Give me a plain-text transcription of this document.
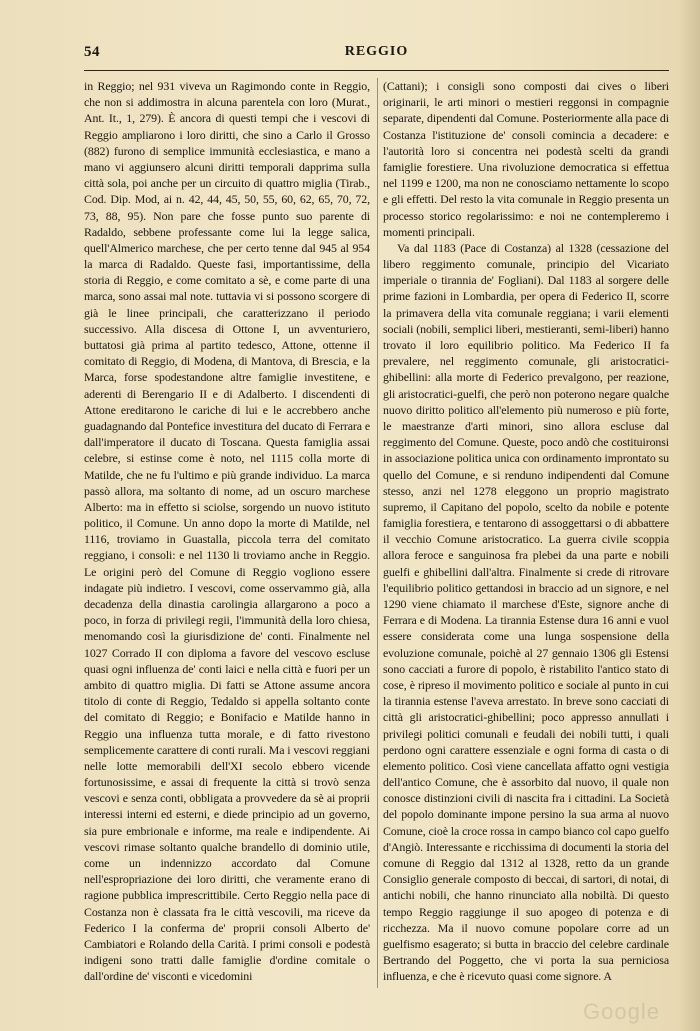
54	REGGIO

in Reggio; nel 931 viveva un Ragimondo conte in Reggio, che non si addimostra in alcuna parentela con loro (Murat., Ant. It., 1, 279). È ancora di questi tempi che i vescovi di Reggio ampliarono i loro diritti, che sino a Carlo il Grosso (882) furono di semplice immunità ecclesiastica, e mano a mano vi aggiunsero alcuni diritti temporali dapprima sulla città sola, poi anche per un circuito di quattro miglia (Tirab., Cod. Dip. Mod, ai n. 42, 44, 45, 50, 55, 60, 62, 65, 70, 72, 73, 88, 95). Non pare che fosse punto suo parente di Radaldo, sebbene professante come lui la legge salica, quell'Almerico marchese, che per certo tenne dal 945 al 954 la marca di Radaldo. Queste fasi, importantissime, della storia di Reggio, e come comitato a sè, e come parte di una marca, sono assai mal note. tuttavia vi si possono scorgere di già le linee principali, che caratterizzano il periodo successivo. Alla discesa di Ottone I, un avventuriero, buttatosi già prima al partito tedesco, Attone, ottenne il comitato di Reggio, di Modena, di Mantova, di Brescia, e la Marca, forse spodestandone altre famiglie investitene, e aderenti di Berengario II e di Adalberto. I discendenti di Attone ereditarono le cariche di lui e le accrebbero anche guadagnando dal Pontefice investitura del ducato di Ferrara e dall'imperatore il ducato di Toscana. Questa famiglia assai celebre, si estinse come è noto, nel 1115 colla morte di Matilde, che ne fu l'ultimo e più grande individuo. La marca passò allora, ma soltanto di nome, ad un oscuro marchese Alberto: ma in effetto si sciolse, sorgendo un nuovo istituto politico, il Comune. Un anno dopo la morte di Matilde, nel 1116, troviamo in Guastalla, piccola terra del comitato reggiano, i consoli: e nel 1130 li troviamo anche in Reggio. Le origini però del Comune di Reggio vogliono essere indagate più indietro. I vescovi, come osservammo già, alla decadenza della dinastia carolingia allargarono a poco a poco, in forza di privilegi regii, l'immunità della loro chiesa, menomando così la giurisdizione de' conti. Finalmente nel 1027 Corrado II con diploma a favore del vescovo escluse quasi ogni influenza de' conti laici e nella città e fuori per un ambito di quattro miglia. Di fatti se Attone assume ancora titolo di conte di Reggio, Tedaldo si appella soltanto conte del comitato di Reggio; e Bonifacio e Matilde hanno in Reggio una influenza tutta morale, e di fatto rivestono semplicemente carattere di conti rurali. Ma i vescovi reggiani nelle lotte memorabili dell'XI secolo ebbero vicende fortunosissime, e assai di frequente la città si trovò senza vescovi e senza conti, obbligata a provvedere da sè ai proprii interessi interni ed esterni, e diede principio ad un governo, sia pure embrionale e informe, ma reale e indipendente. Ai vescovi rimase soltanto qualche brandello di dominio utile, come un indennizzo accordato dal Comune nell'espropriazione dei loro diritti, che veramente erano di ragione pubblica imprescrittibile. Certo Reggio nella pace di Costanza non è classata fra le città vescovili, ma riceve da Federico I la conferma de' proprii consoli Alberto de' Cambiatori e Rolando della Carità. I primi consoli e podestà indigeni sono tratti dalle famiglie d'ordine comitale o dall'ordine de' visconti e vicedomini

(Cattani); i consigli sono composti dai cives o liberi originarii, le arti minori o mestieri reggonsi in compagnie separate, dipendenti dal Comune. Posteriormente alla pace di Costanza l'istituzione de' consoli comincia a decadere: e l'autorità loro si concentra nei podestà scelti da grandi famiglie forestiere. Una rivoluzione democratica si effettua nel 1199 e 1200, ma non ne conosciamo nettamente lo scopo e gli effetti. Del resto la vita comunale in Reggio presenta un processo storico regolarissimo: e noi ne contempleremo i momenti principali.

Va dal 1183 (Pace di Costanza) al 1328 (cessazione del libero reggimento comunale, principio del Vicariato imperiale o tirannia de' Fogliani). Dal 1183 al sorgere delle prime fazioni in Lombardia, per opera di Federico II, scorre la primavera della vita comunale reggiana; i varii elementi sociali (nobili, semplici liberi, mestieranti, semi-liberi) hanno trovato il loro equilibrio politico. Ma Federico II fa prevalere, nel reggimento comunale, gli aristocratici-ghibellini: alla morte di Federico prevalgono, per reazione, gli aristocratici-guelfi, che però non poterono negare qualche nuovo diritto politico all'elemento più numeroso e più forte, le maestranze d'arti minori, sino allora escluse dal reggimento del Comune. Queste, poco andò che costituironsi in associazione politica unica con ordinamento improntato su quello del Comune, e si renduno indipendenti dal Comune stesso, anzi nel 1278 eleggono un proprio magistrato supremo, il Capitano del popolo, scelto da nobile e potente famiglia forestiera, e tentarono di assoggettarsi o di abbattere il vecchio Comune aristocratico. La guerra civile scoppia allora feroce e sanguinosa fra plebei da una parte e nobili guelfi e ghibellini dall'altra. Finalmente si crede di ritrovare l'equilibrio politico gettandosi in braccio ad un signore, e nel 1290 viene chiamato il marchese d'Este, signore anche di Ferrara e di Modena. La tirannia Estense dura 16 anni e vuol essere considerata come una lunga sospensione della evoluzione comunale, poichè al 27 gennaio 1306 gli Estensi sono cacciati a furore di popolo, è ristabilito l'antico stato di cose, è ripreso il movimento politico e sociale al punto in cui la tirannia estense l'aveva arrestato. In breve sono cacciati di città gli aristocratici-ghibellini; poco appresso annullati i privilegi politici comunali e feudali dei nobili tutti, i quali perdono ogni carattere essenziale e ogni forma di casta o di elemento politico. Così viene cancellata affatto ogni vestigia dell'antico Comune, che è assorbito dal nuovo, il quale non conosce distinzioni civili di nascita fra i cittadini. La Società del popolo dominante impone persino la sua arma al nuovo Comune, cioè la croce rossa in campo bianco col capo guelfo d'Angiò. Interessante e ricchissima di documenti la storia del comune di Reggio dal 1312 al 1328, retto da un grande Consiglio generale composto di beccai, di sartori, di notai, di antichi nobili, che hanno rinunciato alla nobiltà. Di questo tempo Reggio raggiunge il suo apogeo di potenza e di ricchezza. Ma il nuovo comune popolare corre ad un guelfismo esagerato; si butta in braccio del celebre cardinale Bertrando del Poggetto, che vi porta la sua perniciosa influenza, e che è ricevuto quasi come signore. A

Google
